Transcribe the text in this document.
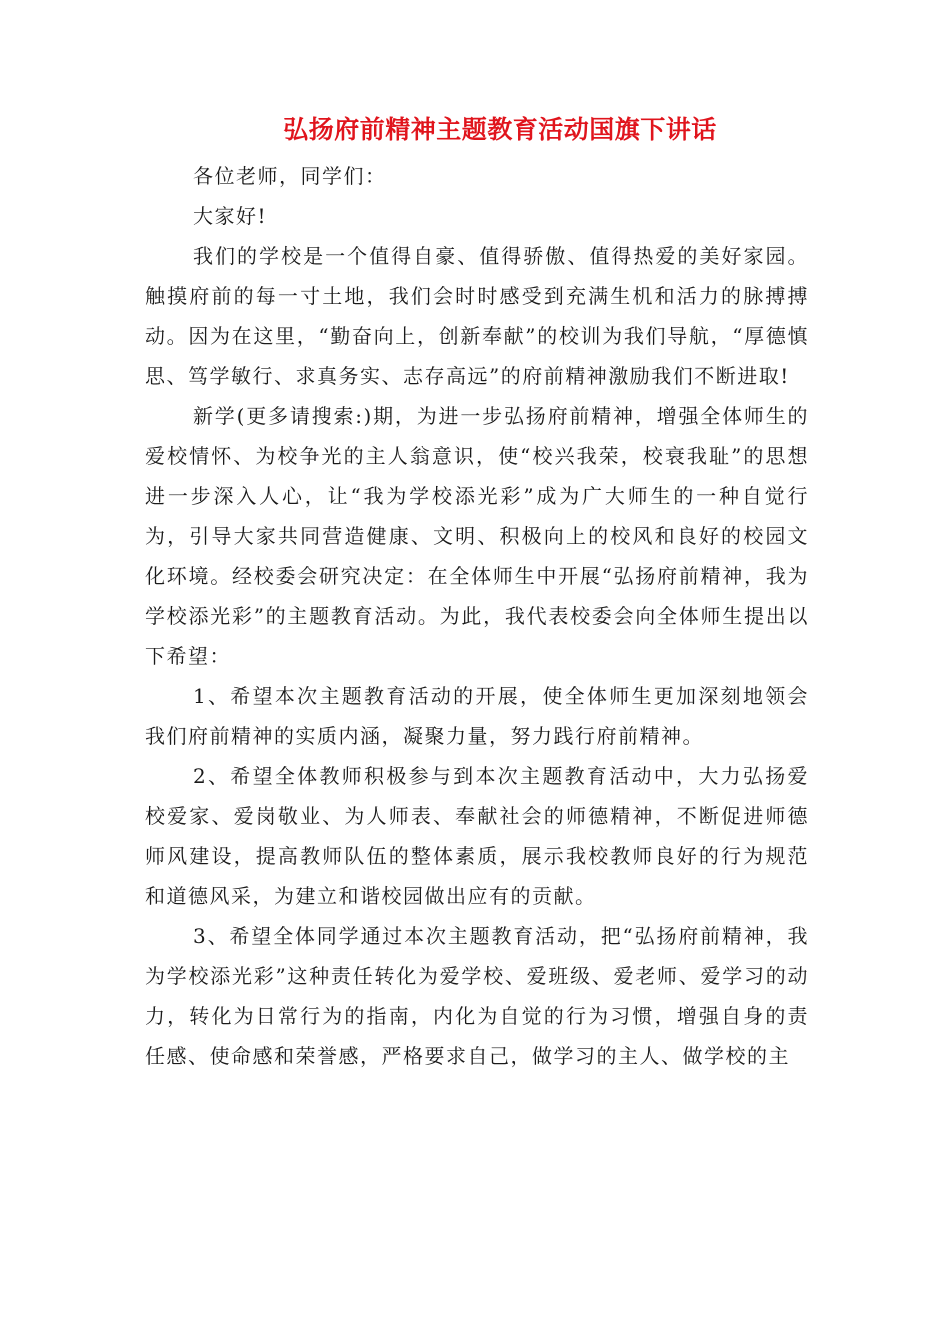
弘扬府前精神主题教育活动国旗下讲话

各位老师，同学们：

大家好!

我们的学校是一个值得自豪、值得骄傲、值得热爱的美好家园。触摸府前的每一寸土地，我们会时时感受到充满生机和活力的脉搏搏动。因为在这里，“勤奋向上，创新奉献”的校训为我们导航，“厚德慎思、笃学敏行、求真务实、志存高远”的府前精神激励我们不断进取!

新学(更多请搜索:)期，为进一步弘扬府前精神，增强全体师生的爱校情怀、为校争光的主人翁意识，使“校兴我荣，校衰我耻”的思想进一步深入人心，让“我为学校添光彩”成为广大师生的一种自觉行为，引导大家共同营造健康、文明、积极向上的校风和良好的校园文化环境。经校委会研究决定：在全体师生中开展“弘扬府前精神，我为学校添光彩”的主题教育活动。为此，我代表校委会向全体师生提出以下希望：

1、希望本次主题教育活动的开展，使全体师生更加深刻地领会我们府前精神的实质内涵，凝聚力量，努力践行府前精神。

2、希望全体教师积极参与到本次主题教育活动中，大力弘扬爱校爱家、爱岗敬业、为人师表、奉献社会的师德精神，不断促进师德师风建设，提高教师队伍的整体素质，展示我校教师良好的行为规范和道德风采，为建立和谐校园做出应有的贡献。

3、希望全体同学通过本次主题教育活动，把“弘扬府前精神，我为学校添光彩”这种责任转化为爱学校、爱班级、爱老师、爱学习的动力，转化为日常行为的指南，内化为自觉的行为习惯，增强自身的责任感、使命感和荣誉感，严格要求自己，做学习的主人、做学校的主
